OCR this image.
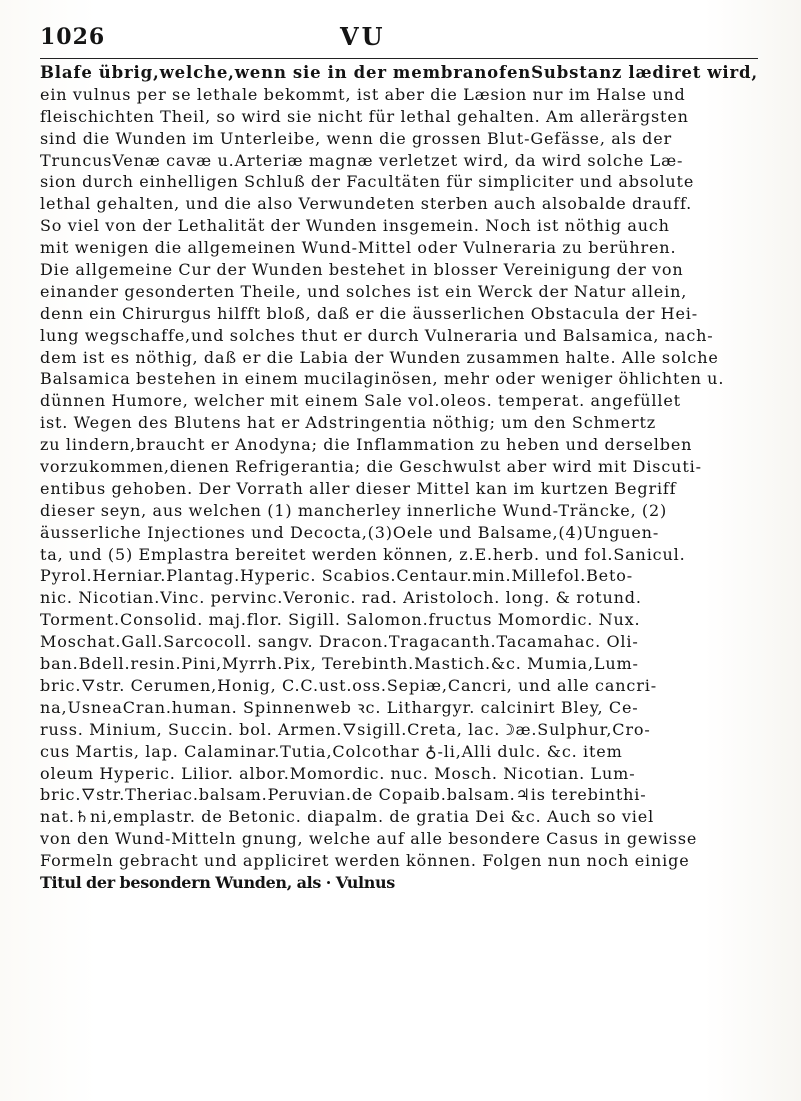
1026	VU
Blafe übrig,welche,wenn sie in der membranofenSubstanz lædiret wird,
ein vulnus per se lethale bekommt, ist aber die Læsion nur im Halse und
fleischichten Theil, so wird sie nicht für lethal gehalten. Am allerärgsten
sind die Wunden im Unterleibe, wenn die grossen Blut-Gefässe, als der
TruncusVenæ cavæ u.Arteriæ magnæ verletzet wird, da wird solche Læ-
sion durch einhelligen Schluß der Facultäten für simpliciter und absolute
lethal gehalten, und die also Verwundeten sterben auch alsobalde drauff.
So viel von der Lethalität der Wunden insgemein. Noch ist nöthig auch
mit wenigen die allgemeinen Wund-Mittel oder Vulneraria zu berühren.
Die allgemeine Cur der Wunden bestehet in blosser Vereinigung der von
einander gesonderten Theile, und solches ist ein Werck der Natur allein,
denn ein Chirurgus hilfft bloß, daß er die äusserlichen Obstacula der Hei-
lung wegschaffe,und solches thut er durch Vulneraria und Balsamica, nach-
dem ist es nöthig, daß er die Labia der Wunden zusammen halte. Alle solche
Balsamica bestehen in einem mucilaginösen, mehr oder weniger öhlichten u.
dünnen Humore, welcher mit einem Sale vol.oleos. temperat. angefüllet
ist. Wegen des Blutens hat er Adstringentia nöthig; um den Schmertz
zu lindern,braucht er Anodyna; die Inflammation zu heben und derselben
vorzukommen,dienen Refrigerantia; die Geschwulst aber wird mit Discuti-
entibus gehoben. Der Vorrath aller dieser Mittel kan im kurtzen Begriff
dieser seyn, aus welchen (1) mancherley innerliche Wund-Träncke, (2)
äusserliche Injectiones und Decocta,(3)Oele und Balsame,(4)Unguen-
ta, und (5) Emplastra bereitet werden können, z.E.herb. und fol.Sanicul.
Pyrol.Herniar.Plantag.Hyperic. Scabios.Centaur.min.Millefol.Beto-
nic. Nicotian.Vinc. pervinc.Veronic. rad. Aristoloch. long. & rotund.
Torment.Consolid. maj.flor. Sigill. Salomon.fructus Momordic. Nux.
Moschat.Gall.Sarcocoll. sangv. Dracon.Tragacanth.Tacamahac. Oli-
ban.Bdell.resin.Pini,Myrrh.Pix, Terebinth.Mastich.&c. Mumia,Lum-
bric.🜄str. Cerumen,Honig, C.C.ust.oss.Sepiæ,Cancri, und alle cancri-
na,UsneaCran.human. Spinnenweb ꝛc. Lithargyr. calcinirt Bley, Ce-
russ. Minium, Succin. bol. Armen.🜄sigill.Creta, lac. ☽æ.Sulphur,Cro-
cus Martis, lap. Calaminar.Tutia,Colcothar ♁-li,Alli dulc. &c. item
oleum Hyperic. Lilior. albor.Momordic. nuc. Mosch. Nicotian. Lum-
bric.🜄str.Theriac.balsam.Peruvian.de Copaib.balsam.♃is terebinthi-
nat.♄ni,emplastr. de Betonic. diapalm. de gratia Dei &c. Auch so viel
von den Wund-Mitteln gnung, welche auf alle besondere Casus in gewisse
Formeln gebracht und appliciret werden können. Folgen nun noch einige
Titul der besondern Wunden, als · Vulnus
